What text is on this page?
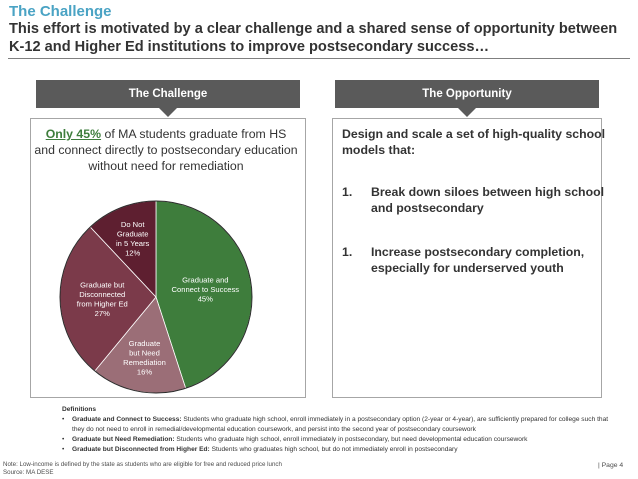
The Challenge
This effort is motivated by a clear challenge and a shared sense of opportunity between K-12 and Higher Ed institutions to improve postsecondary success…
The Challenge
Only 45% of MA students graduate from HS and connect directly to postsecondary education without need for remediation
Graduate and Connect to Success 45%
Graduate but Need Remediation 16%
Graduate but Disconnected from Higher Ed 27%
Do Not Graduate in 5 Years 12%
The Opportunity
Design and scale a set of high-quality school models that:
1.	Break down siloes between high school and postsecondary
1.	Increase postsecondary completion, especially for underserved youth
Definitions
• Graduate and Connect to Success: Students who graduate high school, enroll immediately in a postsecondary option (2-year or 4-year), are sufficiently prepared for college such that they do not need to enroll in remedial/developmental education coursework, and persist into the second year of postsecondary coursework
• Graduate but Need Remediation: Students who graduate high school, enroll immediately in postsecondary, but need developmental education coursework
• Graduate but Disconnected from Higher Ed: Students who graduates high school, but do not immediately enroll in postsecondary
Note: Low-income is defined by the state as students who are eligible for free and reduced price lunch
Source: MA DESE
| Page 4
